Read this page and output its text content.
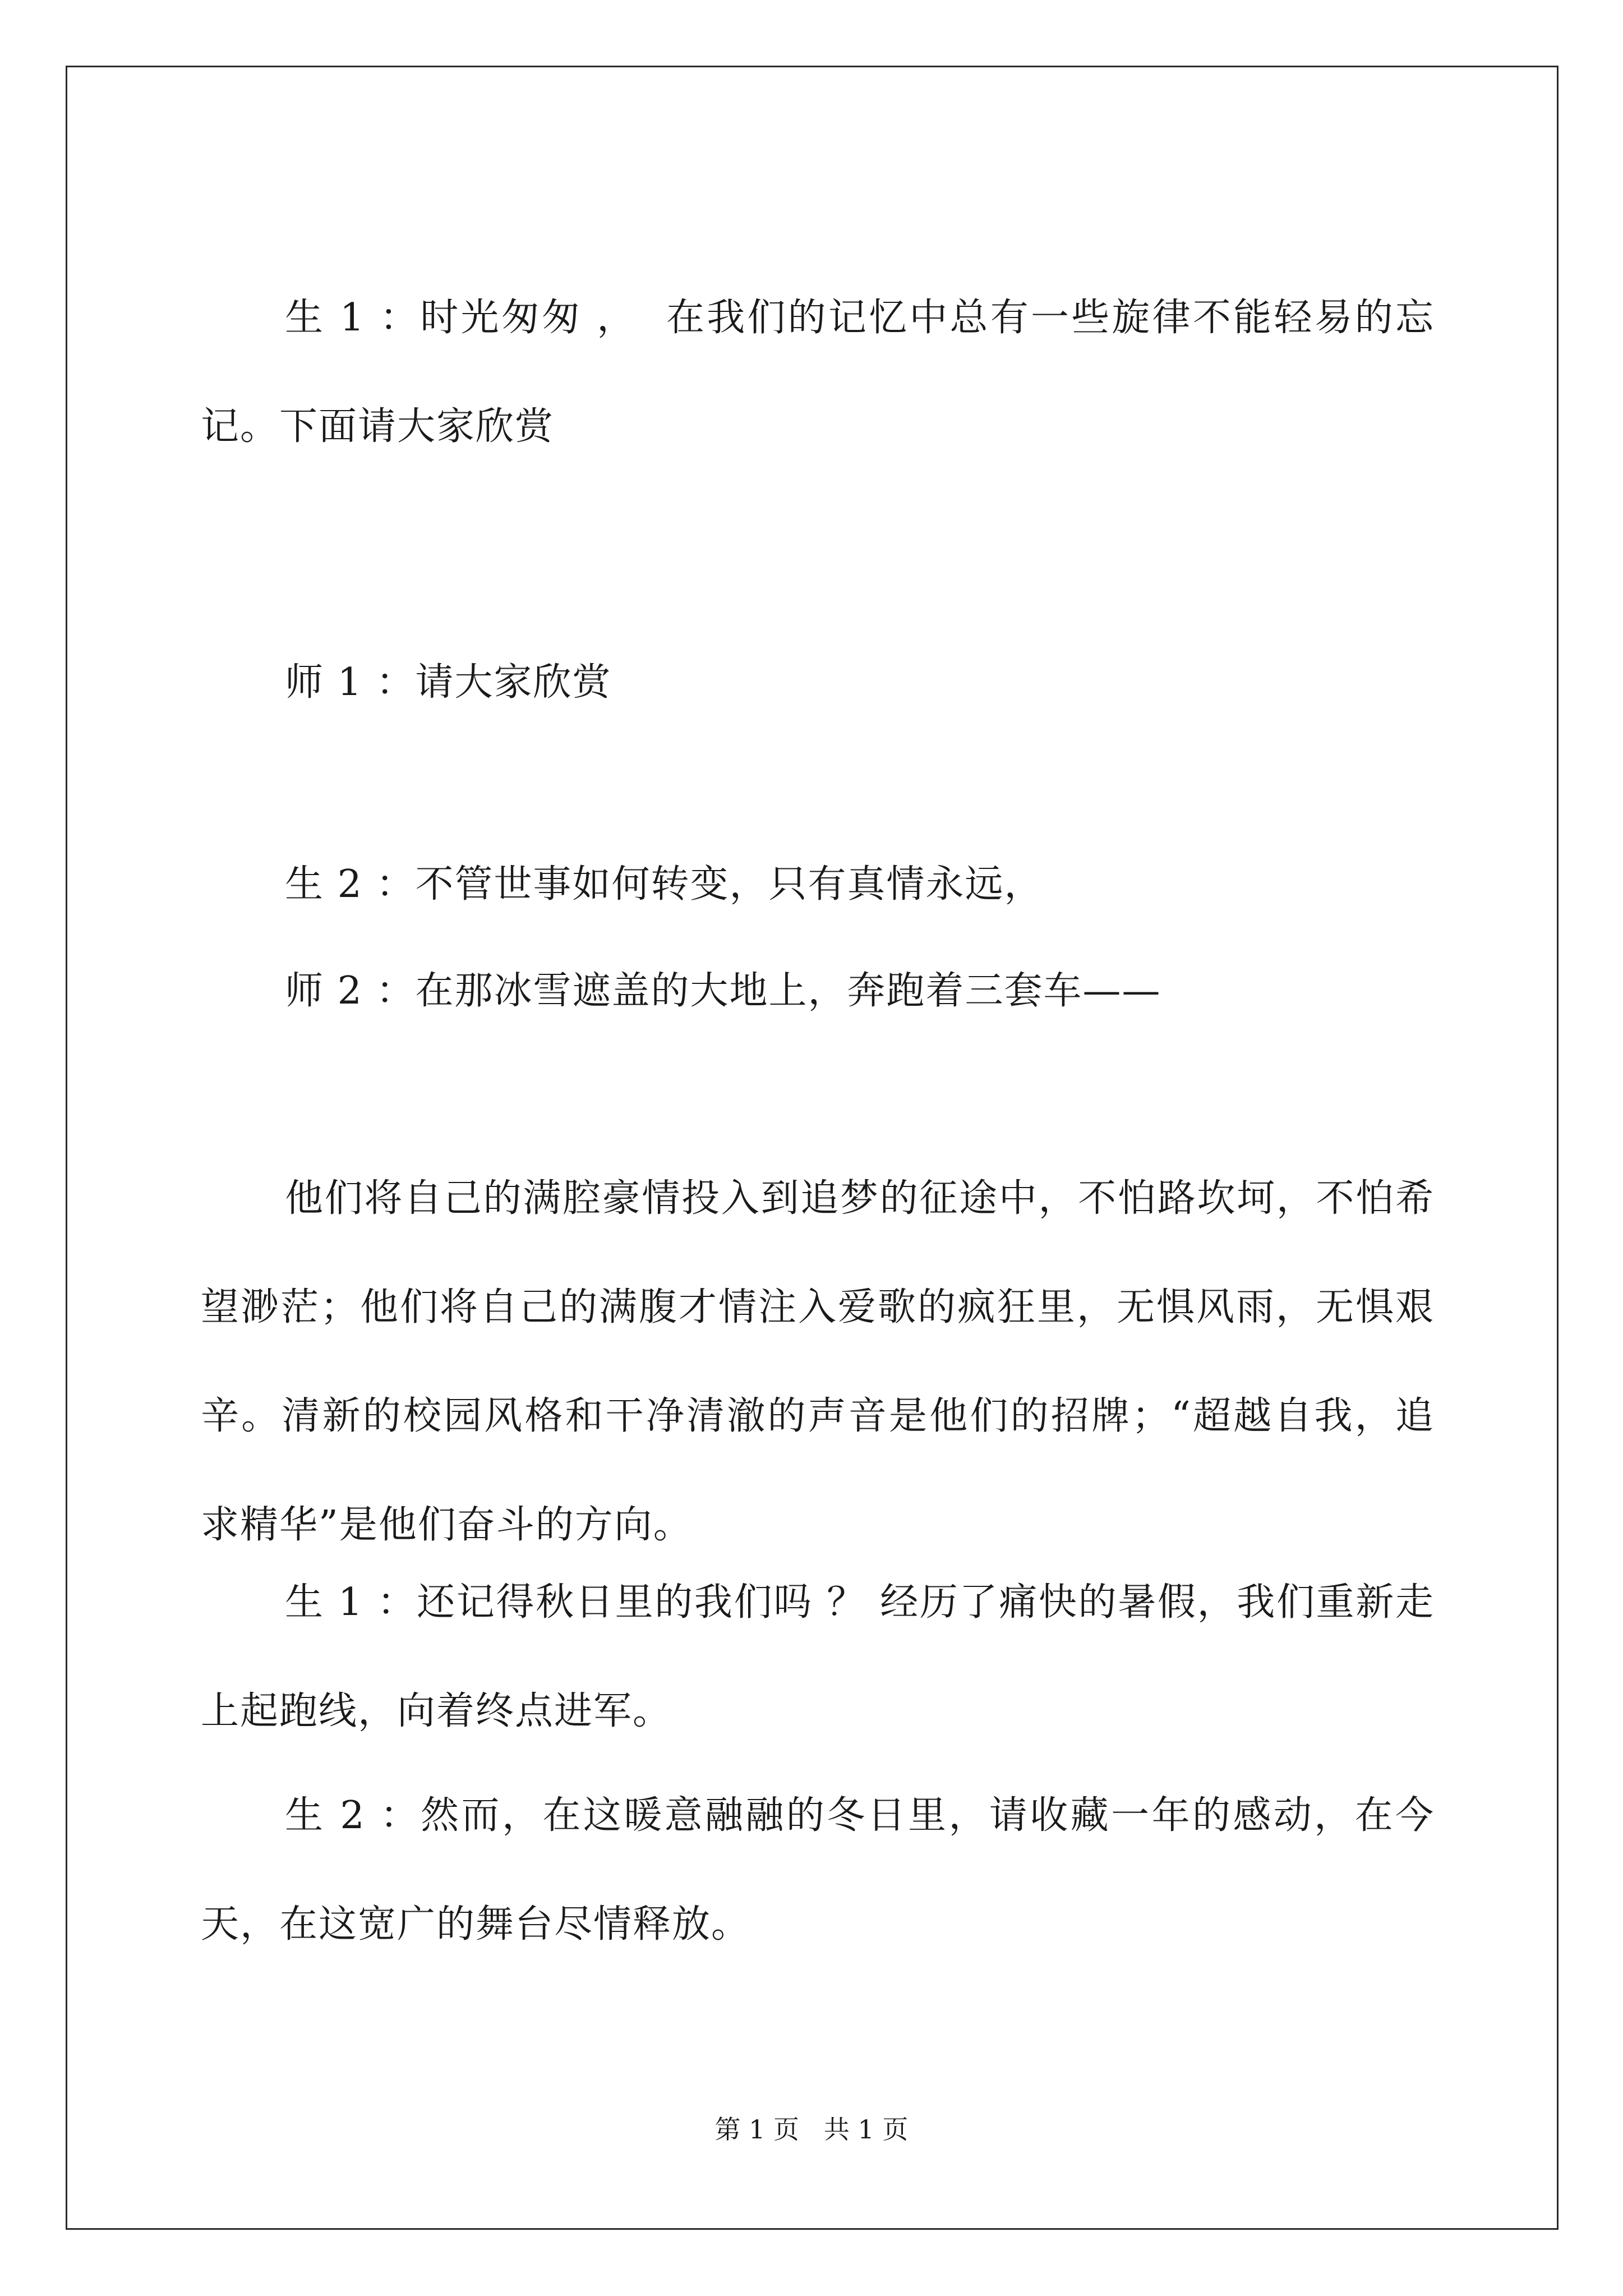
生 1 ：时光匆匆 ，  在我们的记忆中总有一些旋律不能轻易的忘记。下面请大家欣赏

师 1 ：请大家欣赏

生 2 ：不管世事如何转变，只有真情永远，

师 2 ：在那冰雪遮盖的大地上，奔跑着三套车——

他们将自己的满腔豪情投入到追梦的征途中，不怕路坎坷，不怕希望渺茫；他们将自己的满腹才情注入爱歌的疯狂里，无惧风雨，无惧艰辛。清新的校园风格和干净清澈的声音是他们的招牌；“超越自我，追求精华”是他们奋斗的方向。

生 1 ：还记得秋日里的我们吗 ？ 经历了痛快的暑假，我们重新走上起跑线，向着终点进军。

生 2 ：然而，在这暖意融融的冬日里，请收藏一年的感动，在今天，在这宽广的舞台尽情释放。

第 1 页   共 1 页
